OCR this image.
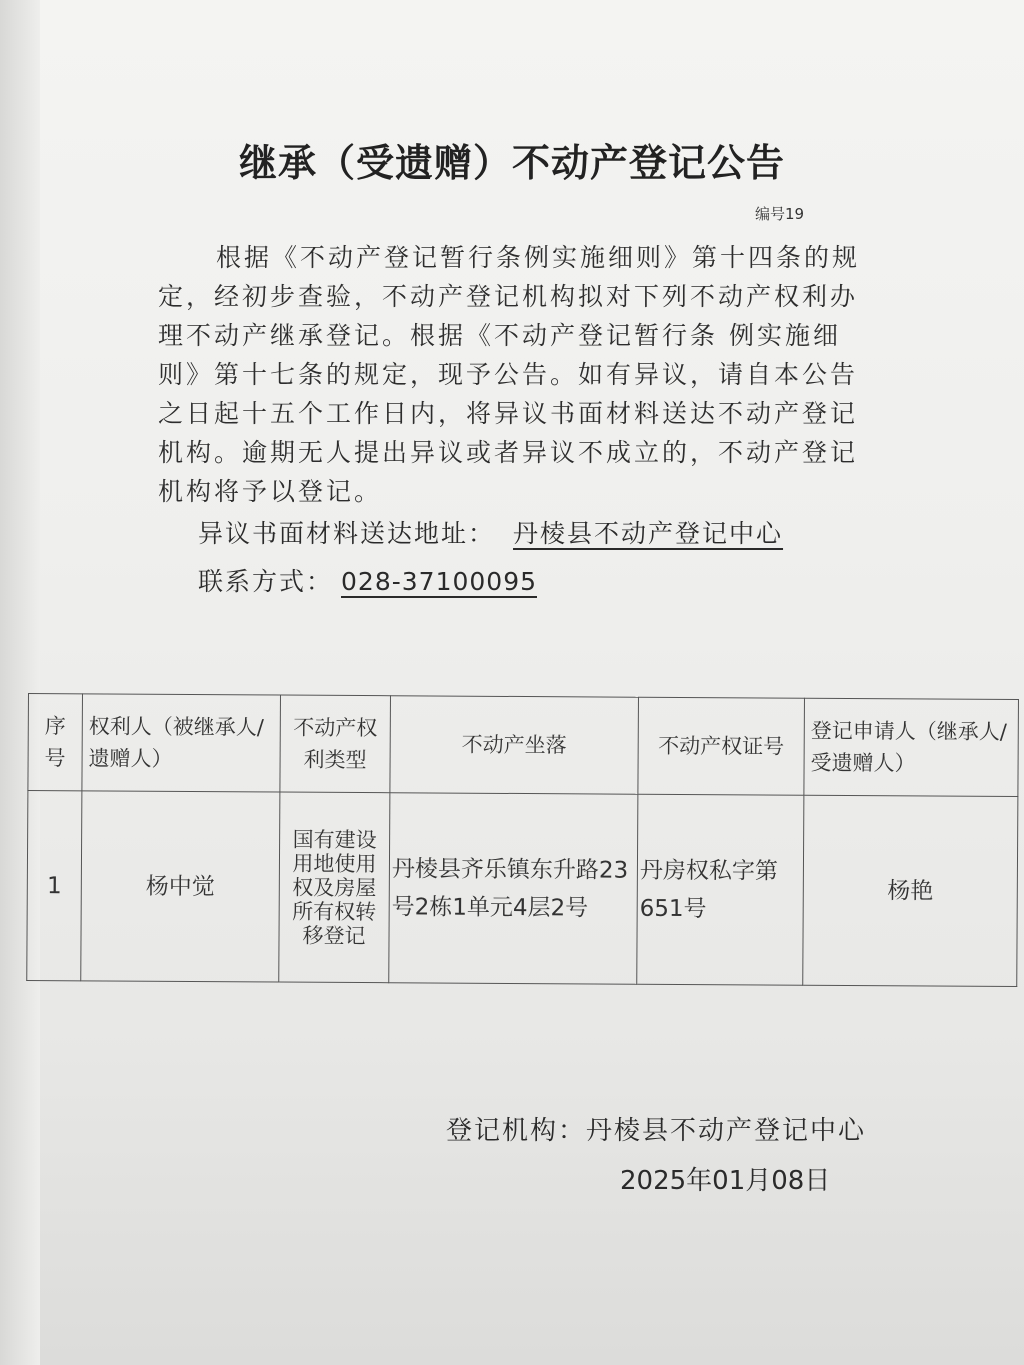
继承（受遗赠）不动产登记公告
编号19
根据《不动产登记暂行条例实施细则》第十四条的规
定，经初步查验，不动产登记机构拟对下列不动产权利办
理不动产继承登记。根据《不动产登记暂行条 例实施细
则》第十七条的规定，现予公告。如有异议，请自本公告
之日起十五个工作日内，将异议书面材料送达不动产登记
机构。逾期无人提出异议或者异议不成立的，不动产登记
机构将予以登记。
异议书面材料送达地址： 丹棱县不动产登记中心
联系方式： 028-37100095
序号	权利人（被继承人/遗赠人）	不动产权利类型	不动产坐落	不动产权证号	登记申请人（继承人/受遗赠人）
1	杨中觉	国有建设用地使用权及房屋所有权转移登记	丹棱县齐乐镇东升路23号2栋1单元4层2号	丹房权私字第651号	杨艳
登记机构：丹棱县不动产登记中心
2025年01月08日
